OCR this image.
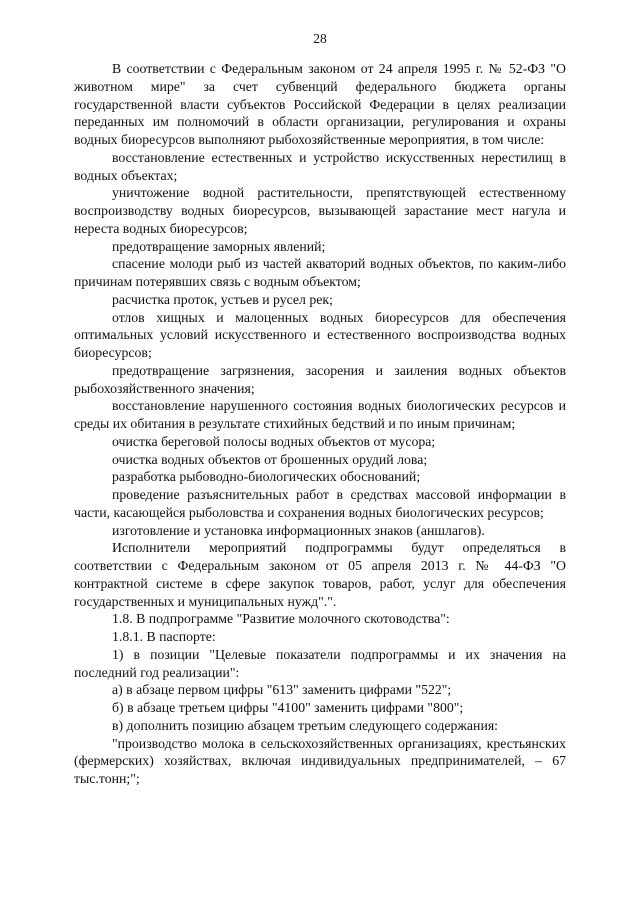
28

В соответствии с Федеральным законом от 24 апреля 1995 г. № 52-ФЗ "О животном мире" за счет субвенций федерального бюджета органы государственной власти субъектов Российской Федерации в целях реализации переданных им полномочий в области организации, регулирования и охраны водных биоресурсов выполняют рыбохозяйственные мероприятия, в том числе:

восстановление естественных и устройство искусственных нерестилищ в водных объектах;

уничтожение водной растительности, препятствующей естественному воспроизводству водных биоресурсов, вызывающей зарастание мест нагула и нереста водных биоресурсов;

предотвращение заморных явлений;

спасение молоди рыб из частей акваторий водных объектов, по каким-либо причинам потерявших связь с водным объектом;

расчистка проток, устьев и русел рек;

отлов хищных и малоценных водных биоресурсов для обеспечения оптимальных условий искусственного и естественного воспроизводства водных биоресурсов;

предотвращение загрязнения, засорения и заиления водных объектов рыбохозяйственного значения;

восстановление нарушенного состояния водных биологических ресурсов и среды их обитания в результате стихийных бедствий и по иным причинам;

очистка береговой полосы водных объектов от мусора;

очистка водных объектов от брошенных орудий лова;

разработка рыбоводно-биологических обоснований;

проведение разъяснительных работ в средствах массовой информации в части, касающейся рыболовства и сохранения водных биологических ресурсов;

изготовление и установка информационных знаков (аншлагов).

Исполнители мероприятий подпрограммы будут определяться в соответствии с Федеральным законом от 05 апреля 2013 г. № 44-ФЗ "О контрактной системе в сфере закупок товаров, работ, услуг для обеспечения государственных и муниципальных нужд".".

1.8. В подпрограмме "Развитие молочного скотоводства":

1.8.1. В паспорте:

1) в позиции "Целевые показатели подпрограммы и их значения на последний год реализации":

а) в абзаце первом цифры "613" заменить цифрами "522";

б) в абзаце третьем цифры "4100" заменить цифрами "800";

в) дополнить позицию абзацем третьим следующего содержания:

"производство молока в сельскохозяйственных организациях, крестьянских (фермерских) хозяйствах, включая индивидуальных предпринимателей, – 67 тыс.тонн;";
